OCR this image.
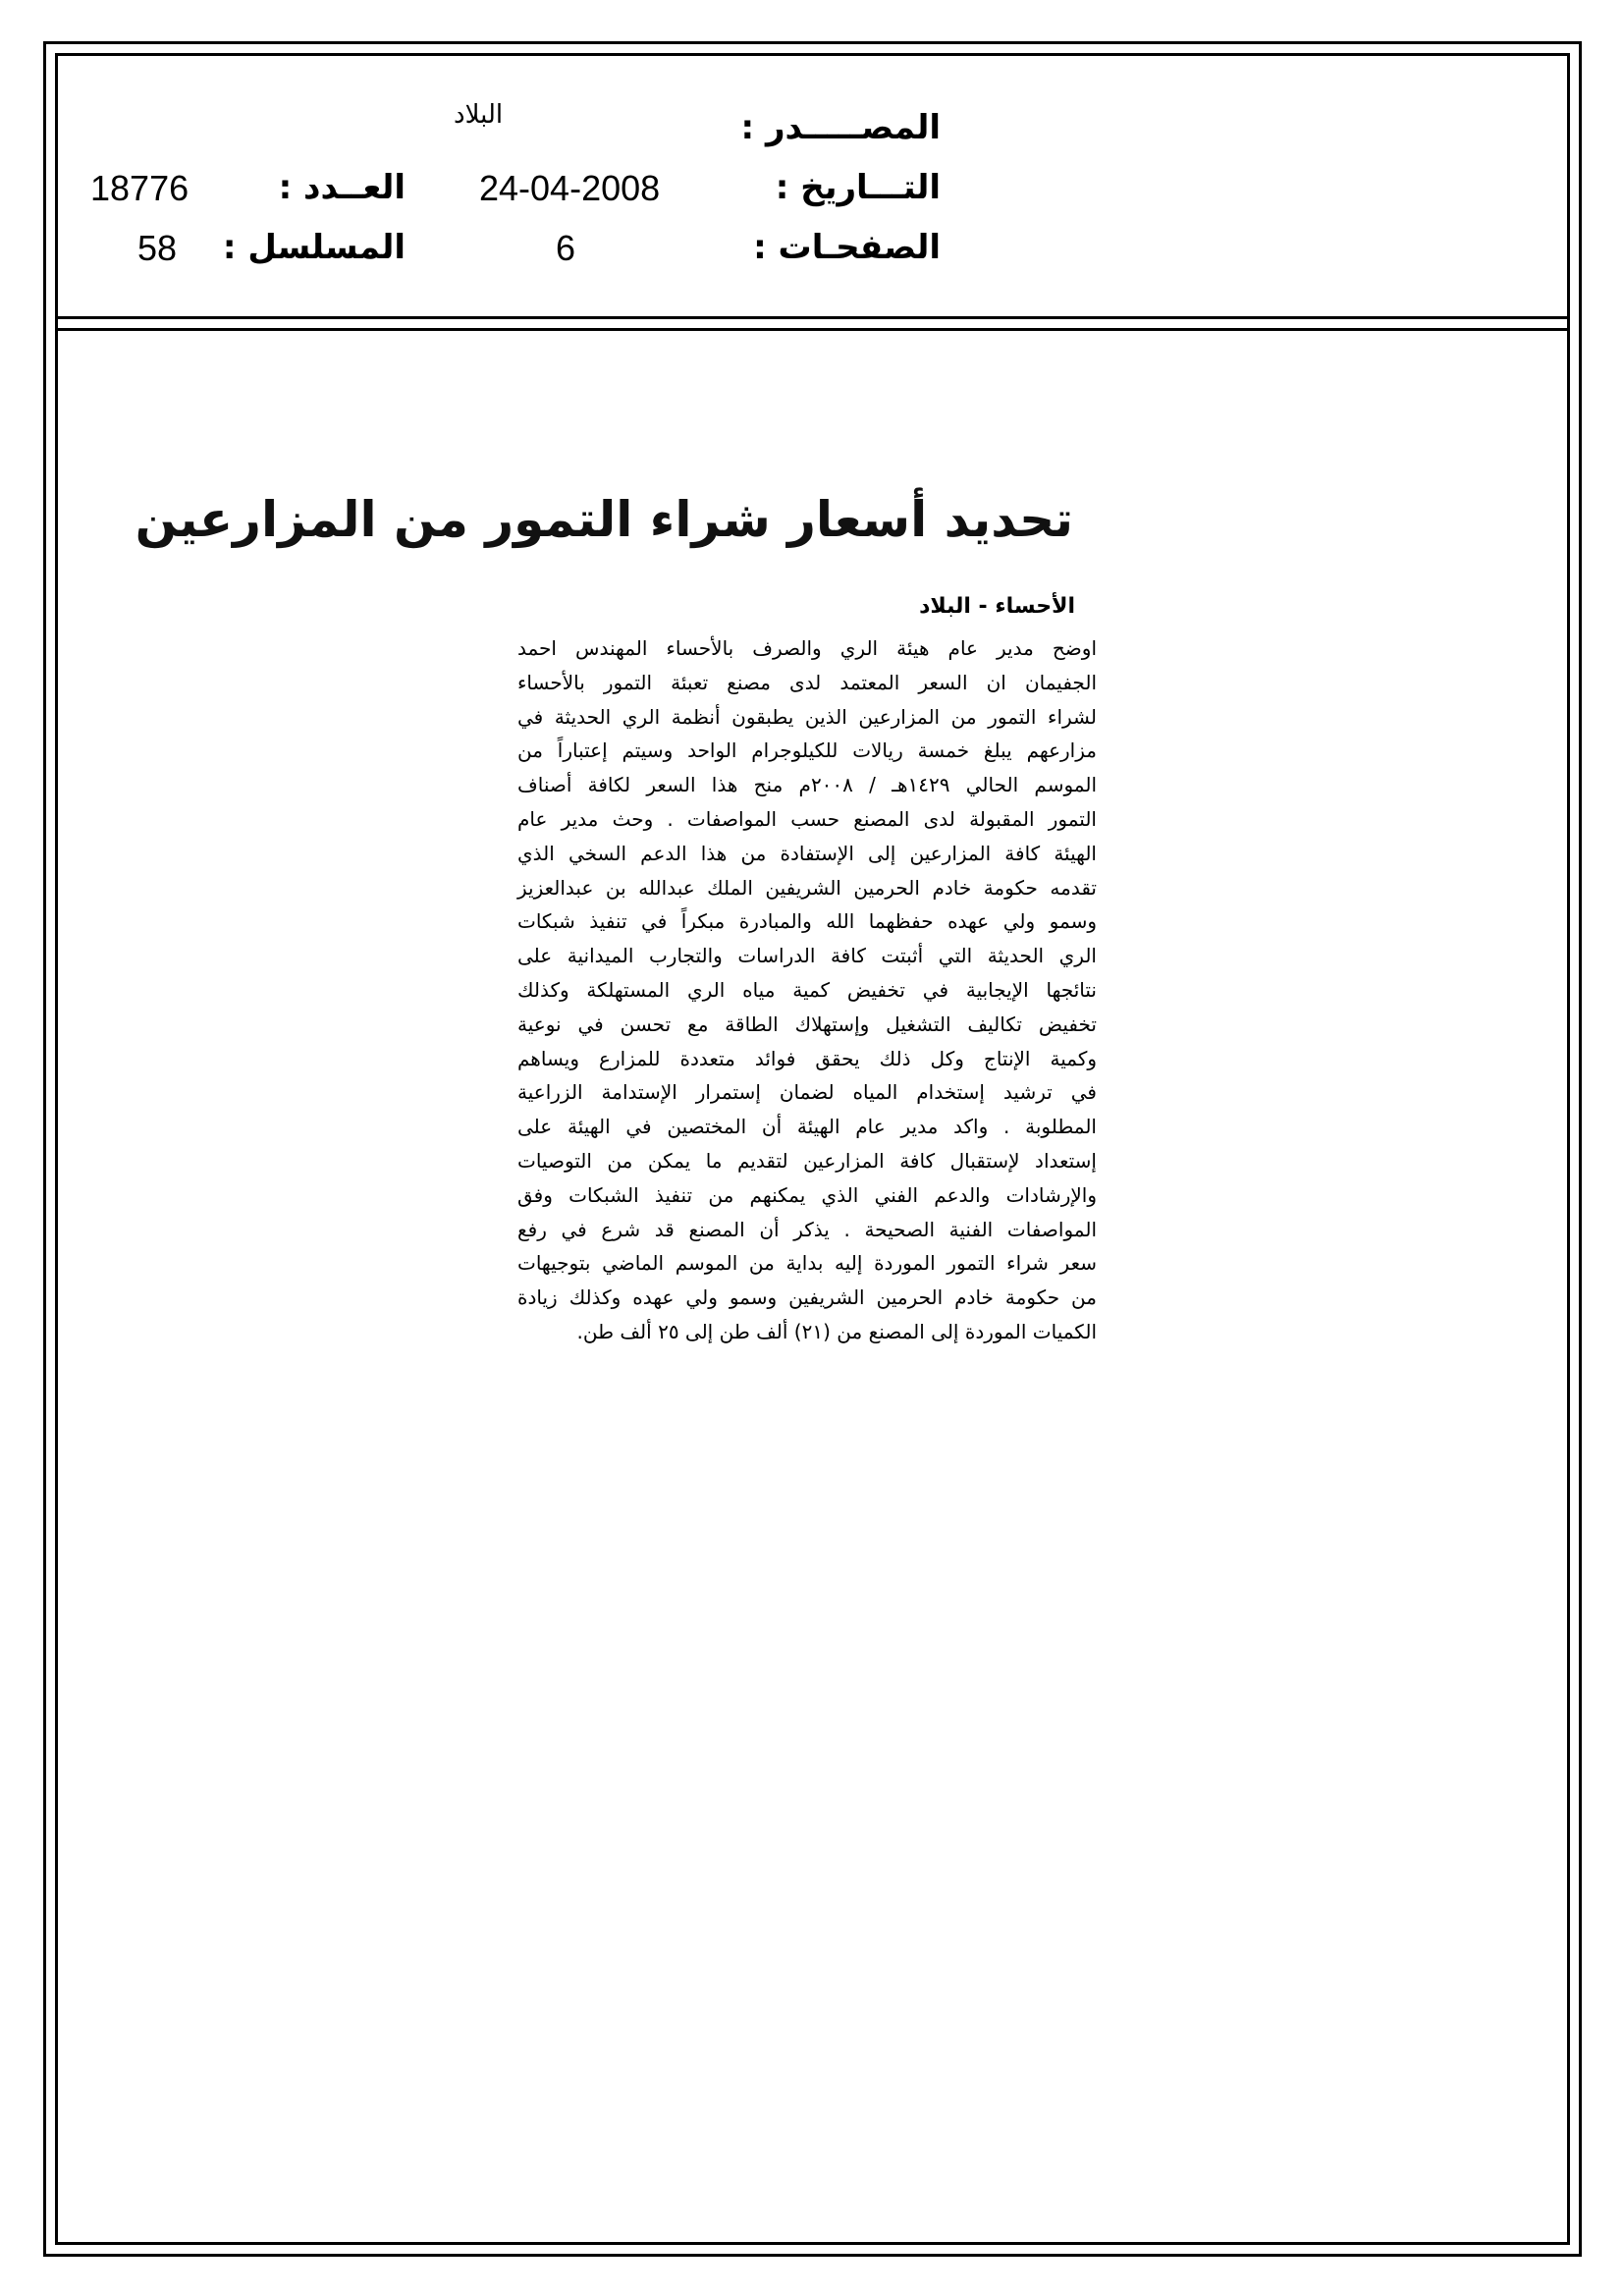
المصـــــدر :
البلاد
التـــاريخ :
24-04-2008
العــدد :
18776
الصفحـات :
6
المسلسل :
58
تحديد أسعار شراء التمور من المزارعين
الأحساء - البلاد
اوضح مدير عام هيئة الري والصرف بالأحساء المهندس احمد
الجفيمان ان السعر المعتمد لدى مصنع تعبئة التمور بالأحساء
لشراء التمور من المزارعين الذين يطبقون أنظمة الري الحديثة في
مزارعهم يبلغ خمسة ريالات للكيلوجرام الواحد وسيتم إعتباراً من
الموسم الحالي ١٤٢٩هـ / ٢٠٠٨م منح هذا السعر لكافة أصناف
التمور المقبولة لدى المصنع حسب المواصفات . وحث مدير عام
الهيئة كافة المزارعين إلى الإستفادة من هذا الدعم السخي الذي
تقدمه حكومة خادم الحرمين الشريفين الملك عبدالله بن عبدالعزيز
وسمو ولي عهده حفظهما الله والمبادرة مبكراً في تنفيذ شبكات
الري الحديثة التي أثبتت كافة الدراسات والتجارب الميدانية على
نتائجها الإيجابية في تخفيض كمية مياه الري المستهلكة وكذلك
تخفيض تكاليف التشغيل وإستهلاك الطاقة مع تحسن في نوعية
وكمية الإنتاج وكل ذلك يحقق فوائد متعددة للمزارع ويساهم
في ترشيد إستخدام المياه لضمان إستمرار الإستدامة الزراعية
المطلوبة . واكد مدير عام الهيئة أن المختصين في الهيئة على
إستعداد لإستقبال كافة المزارعين لتقديم ما يمكن من التوصيات
والإرشادات والدعم الفني الذي يمكنهم من تنفيذ الشبكات وفق
المواصفات الفنية الصحيحة . يذكر أن المصنع قد شرع في رفع
سعر شراء التمور الموردة إليه بداية من الموسم الماضي بتوجيهات
من حكومة خادم الحرمين الشريفين وسمو ولي عهده وكذلك زيادة
الكميات الموردة إلى المصنع من (٢١) ألف طن إلى ٢٥ ألف طن.
